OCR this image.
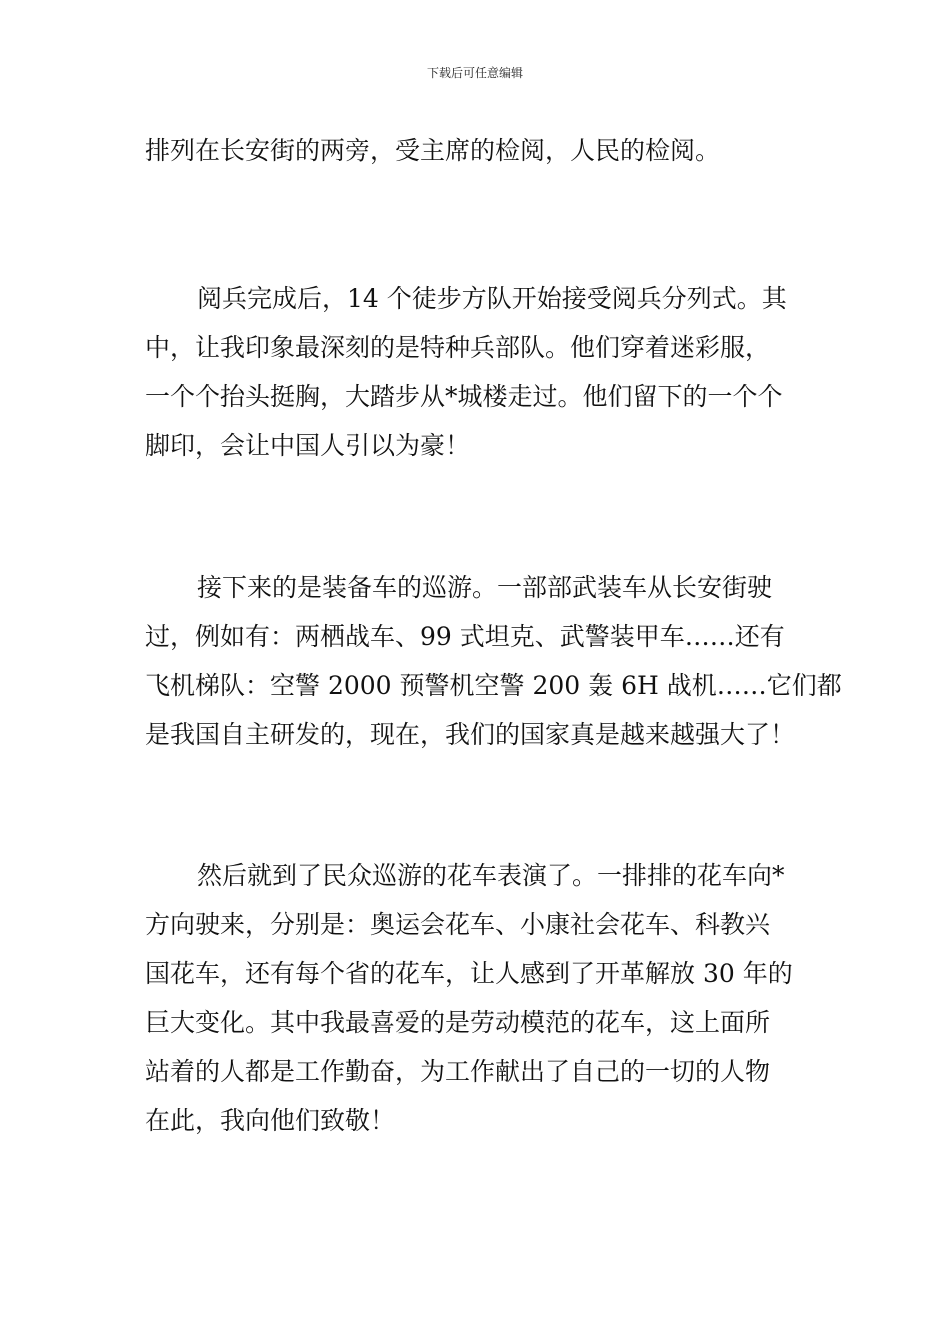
下载后可任意编辑

排列在长安街的两旁，受主席的检阅，人民的检阅。

阅兵完成后，14 个徒步方队开始接受阅兵分列式。其
中，让我印象最深刻的是特种兵部队。他们穿着迷彩服，
一个个抬头挺胸，大踏步从*城楼走过。他们留下的一个个
脚印，会让中国人引以为豪！

接下来的是装备车的巡游。一部部武装车从长安街驶
过，例如有：两栖战车、99 式坦克、武警装甲车……还有
飞机梯队：空警 2000 预警机空警 200 轰 6H 战机……它们都
是我国自主研发的，现在，我们的国家真是越来越强大了！

然后就到了民众巡游的花车表演了。一排排的花车向*
方向驶来，分别是：奥运会花车、小康社会花车、科教兴
国花车，还有每个省的花车，让人感到了开革解放 30 年的
巨大变化。其中我最喜爱的是劳动模范的花车，这上面所
站着的人都是工作勤奋，为工作献出了自己的一切的人物
在此，我向他们致敬！
